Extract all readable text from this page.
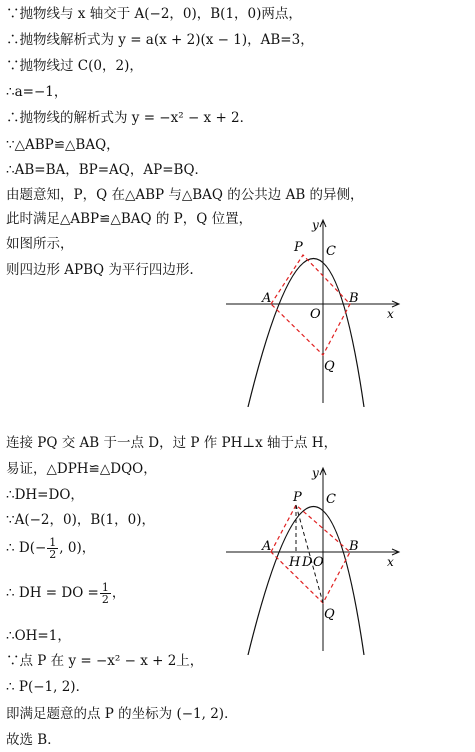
∵抛物线与 x 轴交于 A(−2，0)，B(1，0)两点，
∴抛物线解析式为 y = a(x + 2)(x − 1)，AB=3，
∵抛物线过 C(0，2)，
∴a=−1，
∴抛物线的解析式为 y = −x² − x + 2．
∵△ABP≌△BAQ，
∴AB=BA，BP=AQ，AP=BQ．
由题意知，P，Q 在△ABP 与△BAQ 的公共边 AB 的异侧，
此时满足△ABP≌△BAQ 的 P，Q 位置，
如图所示，
则四边形 APBQ 为平行四边形.
y
P C
A	B
O	x
Q
连接 PQ 交 AB 于一点 D，过 P 作 PH⊥x 轴于点 H，
易证，△DPH≌△DQO，
∴DH=DO，
∵A(−2，0)，B(1，0)，
∴ $D(- \frac{1}{2}$ , 0)，
∴ DH = DO = $\frac{1}{2}$ ，
∴OH=1，
∵点 P 在 y = −x² − x + 2上，
∴ P(−1, 2)．
即满足题意的点 P 的坐标为 (−1, 2)．
故选 B．
y
P C
A	B
H D O	x
Q
